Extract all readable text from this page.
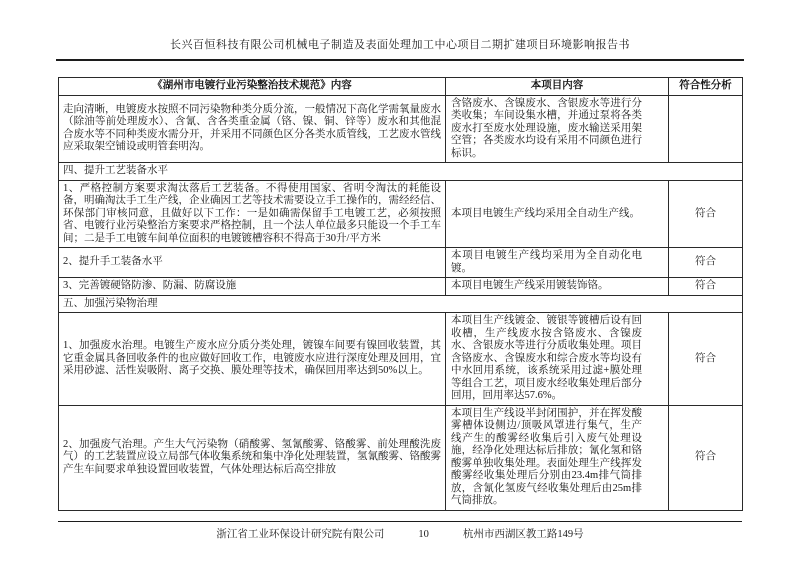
长兴百恒科技有限公司机械电子制造及表面处理加工中心项目二期扩建项目环境影响报告书
《湖州市电镀行业污染整治技术规范》内容	本项目内容	符合性分析
走向清晰，电镀废水按照不同污染物种类分质分流，一般情况下高化学需氧量废水（除油等前处理废水）、含氰、含各类重金属（铬、镍、铜、锌等）废水和其他混合废水等不同种类废水需分开，并采用不同颜色区分各类水质管线，工艺废水管线应采取架空铺设或明管套明沟。	含铬废水、含镍废水、含银废水等进行分类收集；车间设集水槽，并通过泵将各类废水打至废水处理设施，废水输送采用架空管；各类废水均设有采用不同颜色进行标识。	
四、提升工艺装备水平		
1、严格控制方案要求淘汰落后工艺装备。不得使用国家、省明令淘汰的耗能设备，明确淘汰手工生产线，企业确因工艺等技术需要设立手工操作的，需经经信、环保部门审核同意，且做好以下工作：一是如确需保留手工电镀工艺，必须按照省、电镀行业污染整治方案要求严格控制，且一个法人单位最多只能设一个手工车间；二是手工电镀车间单位面积的电镀镀槽容积不得高于30升/平方米	本项目电镀生产线均采用全自动生产线。	符合
2、提升手工装备水平	本项目电镀生产线均采用为全自动化电镀。	符合
3、完善镀硬铬防渗、防漏、防腐设施	本项目电镀生产线采用镀装饰铬。	符合
五、加强污染物治理		
1、加强废水治理。电镀生产废水应分质分类处理，镀镍车间要有镍回收装置，其它重金属具备回收条件的也应做好回收工作，电镀废水应进行深度处理及回用，宜采用砂滤、活性炭吸附、离子交换、膜处理等技术，确保回用率达到50%以上。	本项目生产线镀金、镀银等镀槽后设有回收槽，生产线废水按含铬废水、含镍废水、含银废水等进行分质收集处理。项目含铬废水、含镍废水和综合废水等均设有中水回用系统，该系统采用过滤+膜处理等组合工艺，项目废水经收集处理后部分回用，回用率达57.6%。	符合
2、加强废气治理。产生大气污染物（硝酸雾、氢氰酸雾、铬酸雾、前处理酸洗废气）的工艺装置应设立局部气体收集系统和集中净化处理装置，氢氰酸雾、铬酸雾产生车间要求单独设置回收装置，气体处理达标后高空排放	本项目生产线设半封闭围护，并在挥发酸雾槽体设侧边/顶吸风罩进行集气，生产线产生的酸雾经收集后引入废气处理设施，经净化处理达标后排放；氰化氢和铬酸雾单独收集处理。表面处理生产线挥发酸雾经收集处理后分别由23.4m排气筒排放，含氰化氢废气经收集处理后由25m排气筒排放。	符合
浙江省工业环保设计研究院有限公司	10	杭州市西湖区教工路149号
